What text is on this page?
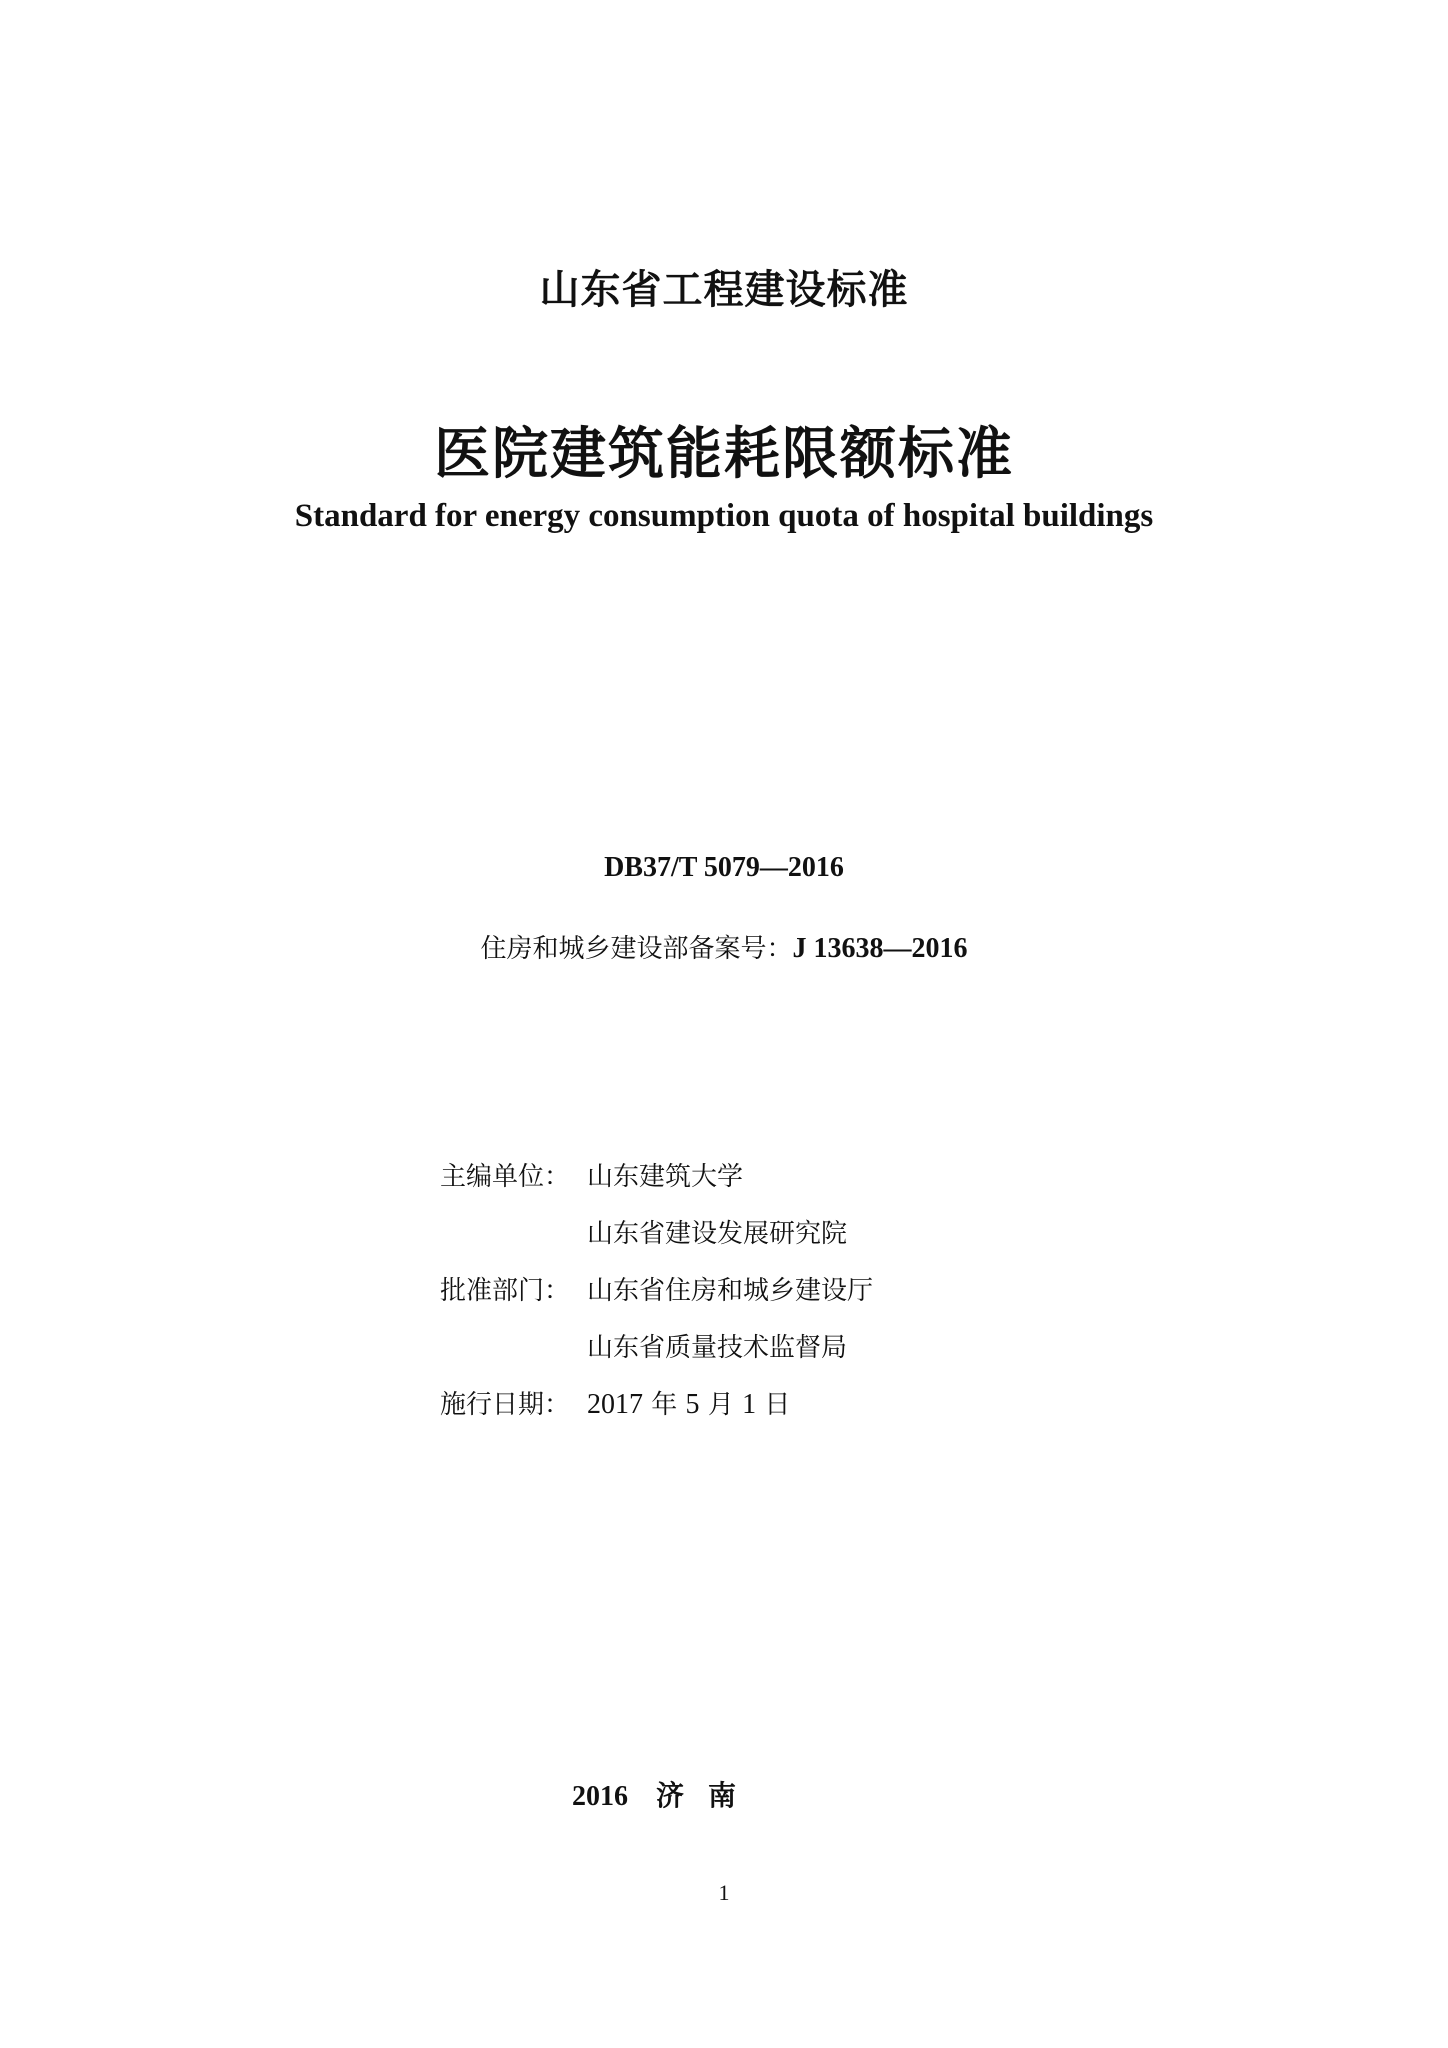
山东省工程建设标准
医院建筑能耗限额标准
Standard for energy consumption quota of hospital buildings
DB37/T 5079—2016
住房和城乡建设部备案号：J 13638—2016
主编单位： 山东建筑大学
山东省建设发展研究院
批准部门： 山东省住房和城乡建设厅
山东省质量技术监督局
施行日期： 2017 年 5 月 1 日
2016 济南
1
